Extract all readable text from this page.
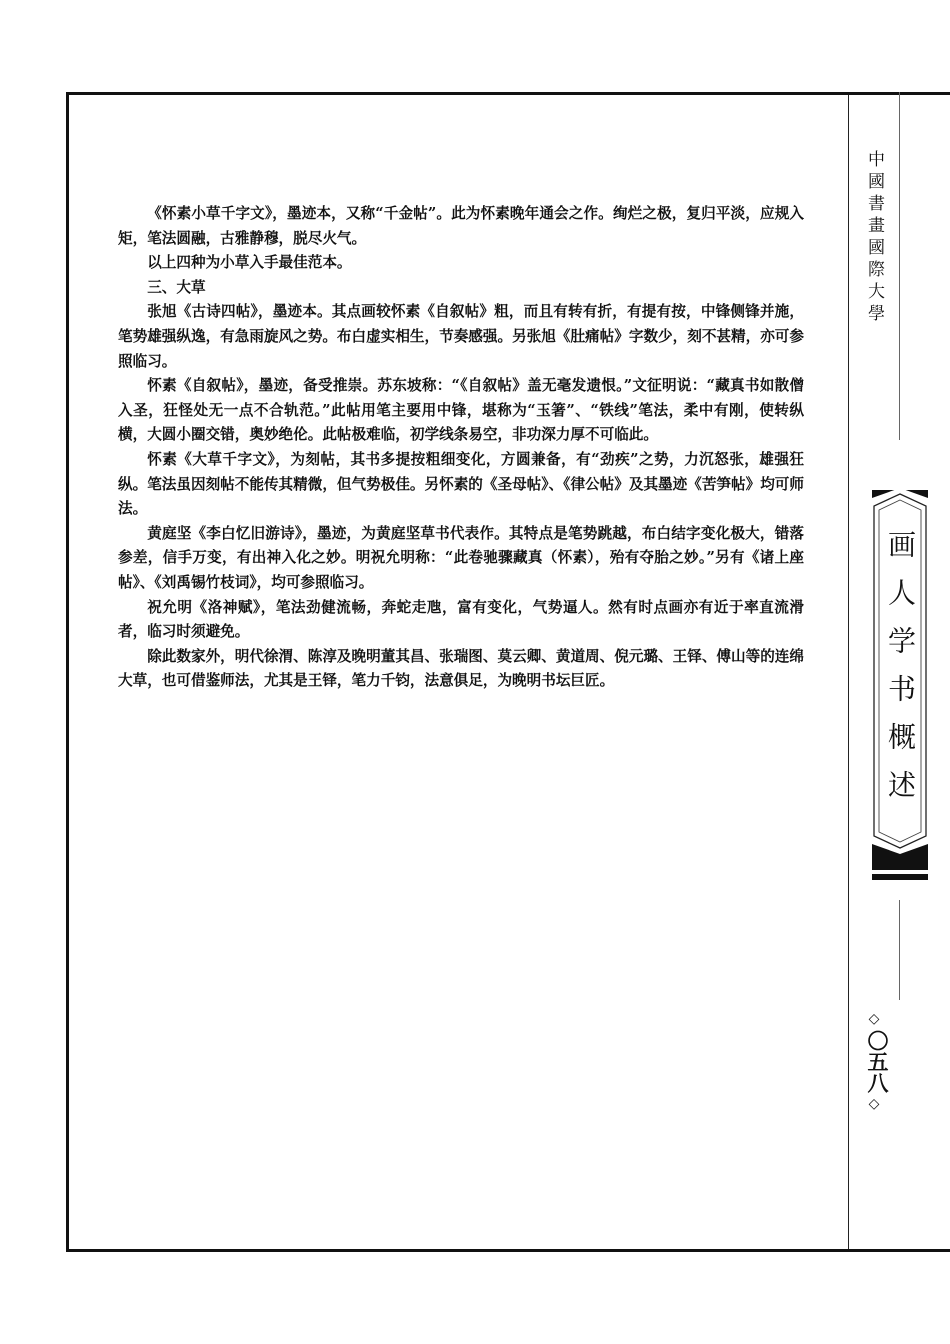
《怀素小草千字文》，墨迹本，又称“千金帖”。此为怀素晚年通会之作。绚烂之极，复归平淡，应规入矩，笔法圆融，古雅静穆，脱尽火气。

以上四种为小草入手最佳范本。

三、大草

张旭《古诗四帖》，墨迹本。其点画较怀素《自叙帖》粗，而且有转有折，有提有按，中锋侧锋并施，笔势雄强纵逸，有急雨旋风之势。布白虚实相生，节奏感强。另张旭《肚痛帖》字数少，刻不甚精，亦可参照临习。

怀素《自叙帖》，墨迹，备受推崇。苏东坡称：“《自叙帖》盖无毫发遗恨。”文征明说：“藏真书如散僧入圣，狂怪处无一点不合轨范。”此帖用笔主要用中锋，堪称为“玉箸”、“铁线”笔法，柔中有刚，使转纵横，大圆小圈交错，奥妙绝伦。此帖极难临，初学线条易空，非功深力厚不可临此。

怀素《大草千字文》，为刻帖，其书多提按粗细变化，方圆兼备，有“劲疾”之势，力沉怒张，雄强狂纵。笔法虽因刻帖不能传其精微，但气势极佳。另怀素的《圣母帖》、《律公帖》及其墨迹《苦笋帖》均可师法。

黄庭坚《李白忆旧游诗》，墨迹，为黄庭坚草书代表作。其特点是笔势跳越，布白结字变化极大，错落参差，信手万变，有出神入化之妙。明祝允明称：“此卷驰骤藏真（怀素），殆有夺胎之妙。”另有《诸上座帖》、《刘禹锡竹枝词》，均可参照临习。

祝允明《洛神赋》，笔法劲健流畅，奔蛇走虺，富有变化，气势逼人。然有时点画亦有近于率直流滑者，临习时须避免。

除此数家外，明代徐渭、陈淳及晚明董其昌、张瑞图、莫云卿、黄道周、倪元璐、王铎、傅山等的连绵大草，也可借鉴师法，尤其是王铎，笔力千钧，法意俱足，为晚明书坛巨匠。

中國書畫國際大學
画人学书概述
◇
〇五八
◇
